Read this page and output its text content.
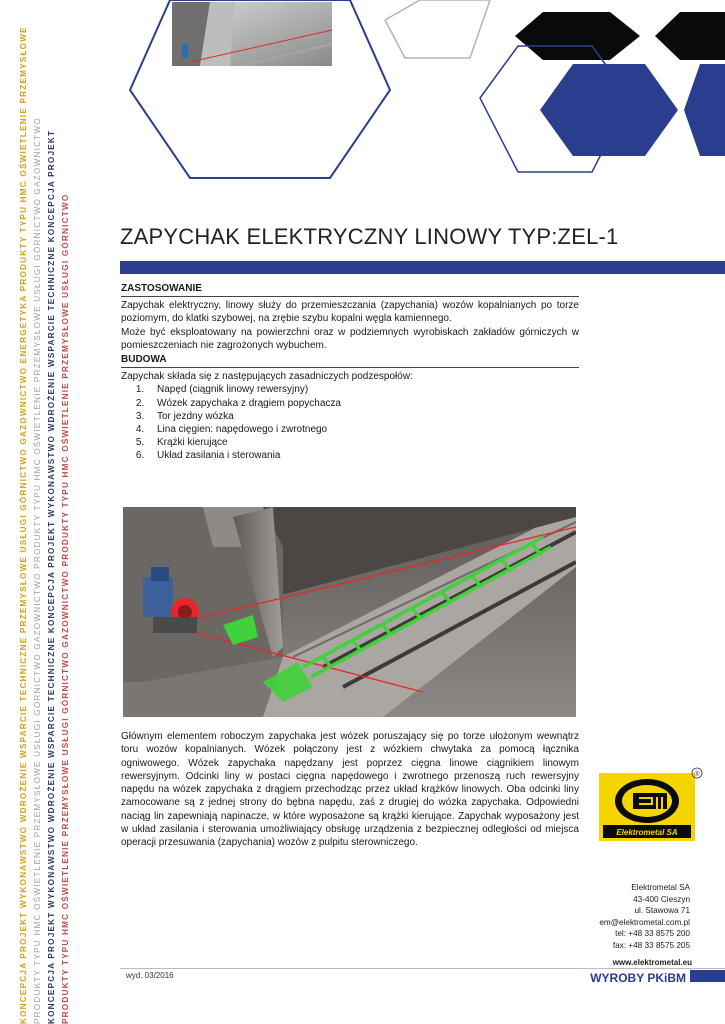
KONCEPCJA PROJEKT WYKONAWSTWO WDROŻENIE WSPARCIE TECHNICZNE PRZEMYSŁOWE USŁUGI GÓRNICTWO GAZOWNICTWO ENERGETYKA PRODUKTY TYPU HMC OŚWIETLENIE PRZEMYSŁOWE PRODUKTY TYPU HMC OŚWIETLENIE PRZEMYSŁOWE USŁUGI GÓRNICTWO GAZOWNICTWO PRODUKTY TYPU HMC OŚWIETLENIE PRZEMYSŁOWE USŁUGI GÓRNICTWO GAZOWNICTWO KONCEPCJA PROJEKT WYKONAWSTWO WDROŻENIE WSPARCIE TECHNICZNE KONCEPCJA PROJEKT WYKONAWSTWO WDROŻENIE WSPARCIE TECHNICZNE KONCEPCJA PROJEKT PRODUKTY TYPU HMC OŚWIETLENIE PRZEMYSŁOWE USŁUGI GÓRNICTWO GAZOWNICTWO PRODUKTY TYPU HMC OŚWIETLENIE PRZEMYSŁOWE USŁUGI GÓRNICTWO ZAPYCHAK ELEKTRYCZNY LINOWY TYP:ZEL-1
ZASTOSOWANIE

Zapychak elektryczny, linowy służy do przemieszczania (zapychania) wozów kopalnianych po torze poziomym, do klatki szybowej, na zrębie szybu kopalni węgla kamiennego.

Może być eksploatowany na powierzchni oraz w podziemnych wyrobiskach zakładów górniczych w pomieszczeniach nie zagrożonych wybuchem.

BUDOWA

Zapychak składa się z następujących zasadniczych podzespołów:

1. Napęd (ciągnik linowy rewersyjny)
2. Wózek zapychaka z drągiem popychacza
3. Tor jezdny wózka
4. Lina cięgien: napędowego i zwrotnego
5. Krążki kierujące
6. Układ zasilania i sterowania

Głównym elementem roboczym zapychaka jest wózek poruszający się po torze ułożonym wewnątrz toru wozów kopalnianych. Wózek połączony jest z wózkiem chwytaka za pomocą łącznika ogniwowego. Wózek zapychaka napędzany jest poprzez cięgna linowe ciągnikiem linowym rewersyjnym. Odcinki liny w postaci cięgna napędowego i zwrotnego przenoszą ruch rewersyjny napędu na wózek zapychaka z drągiem przechodząc przez układ krążków linowych. Oba odcinki liny zamocowane są z jednej strony do bębna napędu, zaś z drugiej do wózka zapychaka. Odpowiedni naciąg lin zapewniają napinacze, w które wyposażone są krążki kierujące. Zapychak wyposażony jest w układ zasilania i sterowania umożliwiający obsługę urządzenia z bezpiecznej odległości od miejsca operacji przesuwania (zapychania) wozów z pulpitu sterowniczego.

Elektrometal SA
®
Elektrometal SA
43-400 Cieszyn
ul. Stawowa 71
em@elektrometal.com.pl
tel: +48 33 8575 200
fax: +48 33 8575 205
wyd. 03/2016
www.elektrometal.eu
WYROBY PKiBM
